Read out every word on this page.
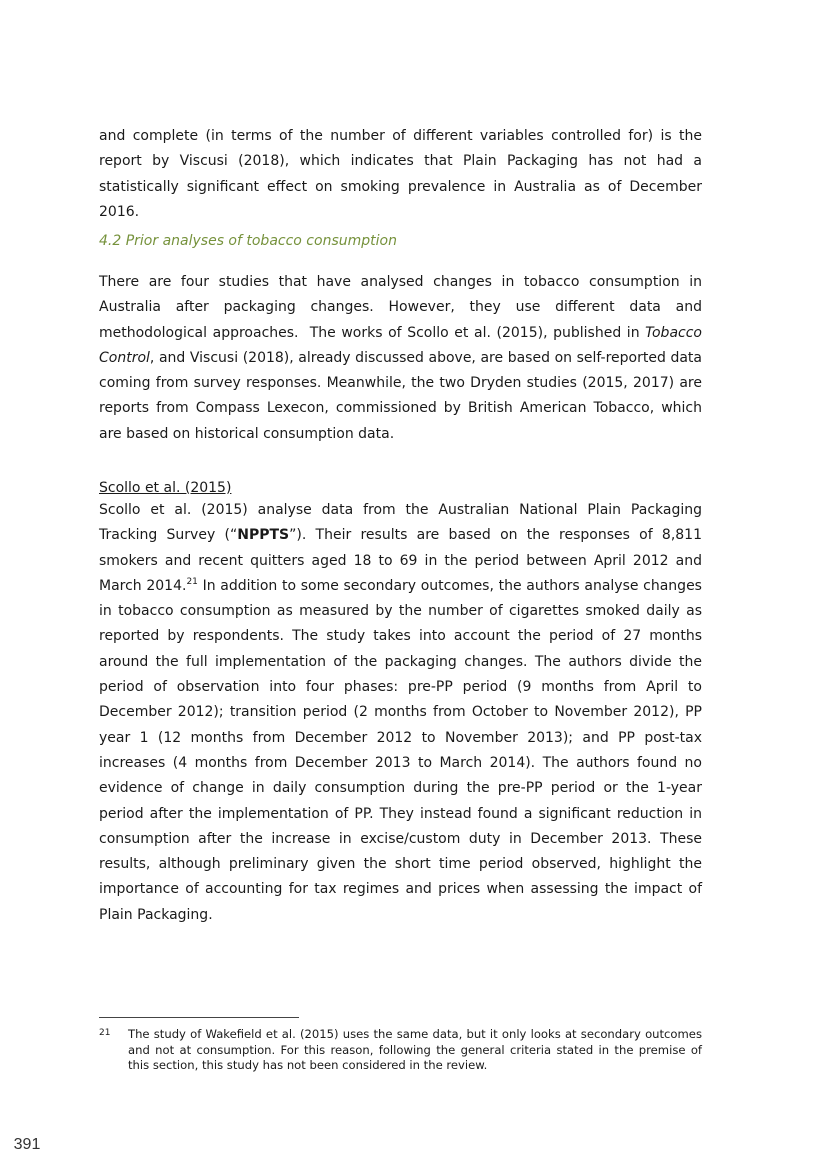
and complete (in terms of the number of different variables controlled for) is the report by Viscusi (2018), which indicates that Plain Packaging has not had a statistically significant effect on smoking prevalence in Australia as of December 2016.

4.2 Prior analyses of tobacco consumption

There are four studies that have analysed changes in tobacco consumption in Australia after packaging changes. However, they use different data and methodological approaches.  The works of Scollo et al. (2015), published in Tobacco Control, and Viscusi (2018), already discussed above, are based on self-reported data coming from survey responses. Meanwhile, the two Dryden studies (2015, 2017) are reports from Compass Lexecon, commissioned by British American Tobacco, which are based on historical consumption data.

Scollo et al. (2015)

Scollo et al. (2015) analyse data from the Australian National Plain Packaging Tracking Survey (“NPPTS”). Their results are based on the responses of 8,811 smokers and recent quitters aged 18 to 69 in the period between April 2012 and March 2014.21 In addition to some secondary outcomes, the authors analyse changes in tobacco consumption as measured by the number of cigarettes smoked daily as reported by respondents. The study takes into account the period of 27 months around the full implementation of the packaging changes. The authors divide the period of observation into four phases: pre-PP period (9 months from April to December 2012); transition period (2 months from October to November 2012), PP year 1 (12 months from December 2012 to November 2013); and PP post-tax increases (4 months from December 2013 to March 2014). The authors found no evidence of change in daily consumption during the pre-PP period or the 1-year period after the implementation of PP. They instead found a significant reduction in consumption after the increase in excise/custom duty in December 2013. These results, although preliminary given the short time period observed, highlight the importance of accounting for tax regimes and prices when assessing the impact of Plain Packaging.

21	The study of Wakefield et al. (2015) uses the same data, but it only looks at secondary outcomes and not at consumption. For this reason, following the general criteria stated in the premise of this section, this study has not been considered in the review.
391
